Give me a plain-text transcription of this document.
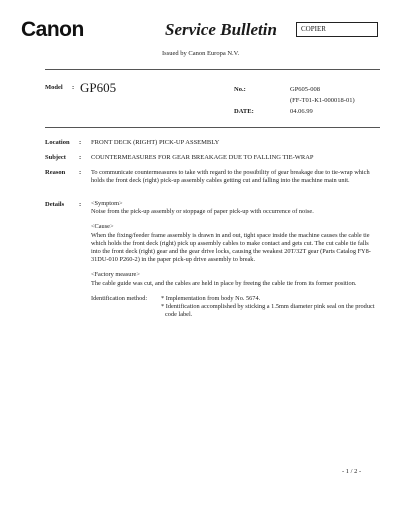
Canon	Service Bulletin	COPIER
Issued by Canon Europa N.V.
Model : GP605	No.:	GP605-008
(FF-T01-K1-000018-01)
DATE:	04.06.99
Location : FRONT DECK (RIGHT) PICK-UP ASSEMBLY
Subject : COUNTERMEASURES FOR GEAR BREAKAGE DUE TO FALLING TIE-WRAP
Reason : To communicate countermeasures to take with regard to the possibility of gear breakage due to tie-wrap which holds the front deck (right) pick-up assembly cables getting cut and falling into the machine main unit.
Details : <Symptom>
Noise from the pick-up assembly or stoppage of paper pick-up with occurrence of noise.
<Cause>
When the fixing/feeder frame assembly is drawn in and out, tight space inside the machine causes the cable tie which holds the front deck (right) pick up assembly cables to make contact and gets cut. The cut cable tie falls into the front deck (right) gear and the gear drive locks, causing the weakest 20T/32T gear (Parts Catalog FY8-31DU-010 P260-2) in the paper pick-up drive assembly to break.
<Factory measure>
The cable guide was cut, and the cables are held in place by freeing the cable tie from its former position.
Identification method:	* Implementation from body No. 5674.
* Identification accomplished by sticking a 1.5mm diameter pink seal on the product code label.
- 1 / 2 -
